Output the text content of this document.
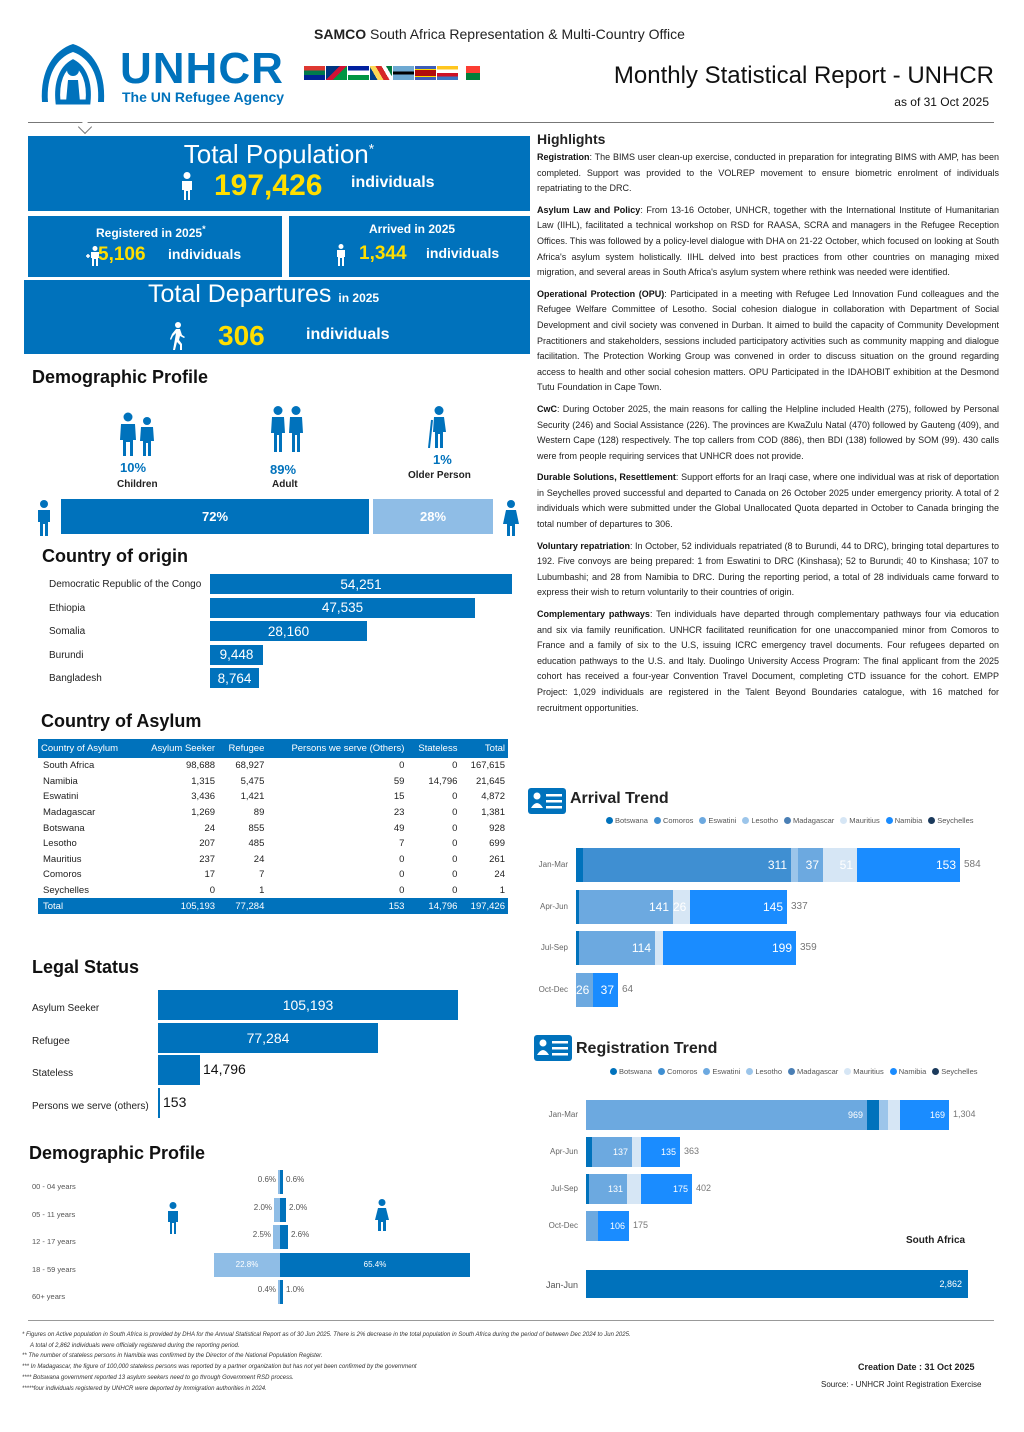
SAMCO South Africa Representation & Multi-Country Office
UNHCR
The UN Refugee Agency
Monthly Statistical Report - UNHCR
as of 31 Oct 2025
Total Population*
197,426 individuals
Registered in 2025*
5,106 individuals
Arrived in 2025
1,344 individuals
Total Departures in 2025
306	individuals
Demographic Profile
10%
Children
89%
Adult
1%
Older Person
72%	28%
Country of origin
Democratic Republic of the Congo	54,251
Ethiopia	47,535
Somalia	28,160
Burundi	9,448
Bangladesh	8,764
Country of Asylum
Country of Asylum	Asylum Seeker	Refugee	Persons we serve (Others)	Stateless	Total
South Africa	98,688	68,927	0	0	167,615
Namibia	1,315	5,475	59	14,796	21,645
Eswatini	3,436	1,421	15	0	4,872
Madagascar	1,269	89	23	0	1,381
Botswana	24	855	49	0	928
Lesotho	207	485	7	0	699
Mauritius	237	24	0	0	261
Comoros	17	7	0	0	24
Seychelles	0	1	0	0	1
Total	105,193	77,284	153	14,796	197,426
Legal Status
Asylum Seeker	105,193
Refugee	77,284
Stateless	14,796
Persons we serve (others) 153
Demographic Profile
00 - 04 years
0.6% 0.6%
05 - 11 years
2.0% 2.0%
12 - 17 years
2.5%	2.6%
18 - 59 years
22.8%	65.4%
60+ years
0.4% 1.0%
Highlights
Registration: The BIMS user clean-up exercise, conducted in preparation for integrating BIMS with AMP, has been completed. Support was provided to the VOLREP movement to ensure biometric enrolment of individuals repatriating to the DRC.
Asylum Law and Policy: From 13-16 October, UNHCR, together with the International Institute of Humanitarian Law (IIHL), facilitated a technical workshop on RSD for RAASA, SCRA and managers in the Refugee Reception Offices. This was followed by a policy-level dialogue with DHA on 21-22 October, which focused on looking at South Africa's asylum system holistically. IIHL delved into best practices from other countries on managing mixed migration, and several areas in South Africa's asylum system where rethink was needed were identified.
Operational Protection (OPU): Participated in a meeting with Refugee Led Innovation Fund colleagues and the Refugee Welfare Committee of Lesotho. Social cohesion dialogue in collaboration with Department of Social Development and civil society was convened in Durban. It aimed to build the capacity of Community Development Practitioners and stakeholders, sessions included participatory activities such as community mapping and dialogue facilitation. The Protection Working Group was convened in order to discuss situation on the ground regarding access to health and other social cohesion matters. OPU Participated in the IDAHOBIT exhibition at the Desmond Tutu Foundation in Cape Town.
CwC: During October 2025, the main reasons for calling the Helpline included Health (275), followed by Personal Security (246) and Social Assistance (226). The provinces are KwaZulu Natal (470) followed by Gauteng (409), and Western Cape (128) respectively. The top callers from COD (886), then BDI (138) followed by SOM (99). 430 calls were from people requiring services that UNHCR does not provide.
Durable Solutions, Resettlement: Support efforts for an Iraqi case, where one individual was at risk of deportation in Seychelles proved successful and departed to Canada on 26 October 2025 under emergency priority. A total of 2 individuals which were submitted under the Global Unallocated Quota departed in October to Canada bringing the total number of departures to 306.
Voluntary repatriation: In October, 52 individuals repatriated (8 to Burundi, 44 to DRC), bringing total departures to 192. Five convoys are being prepared: 1 from Eswatini to DRC (Kinshasa); 52 to Burundi; 40 to Kinshasa; 107 to Lubumbashi; and 28 from Namibia to DRC. During the reporting period, a total of 28 individuals came forward to express their wish to return voluntarily to their countries of origin.
Complementary pathways: Ten individuals have departed through complementary pathways four via education and six via family reunification. UNHCR facilitated reunification for one unaccompanied minor from Comoros to France and a family of six to the U.S, issuing ICRC emergency travel documents. Four refugees departed on education pathways to the U.S. and Italy. Duolingo University Access Program: The final applicant from the 2025 cohort has received a four-year Convention Travel Document, completing CTD issuance for the cohort. EMPP Project: 1,029 individuals are registered in the Talent Beyond Boundaries catalogue, with 16 matched for recruitment opportunities.
Arrival Trend
Botswana	Comoros	Eswatini	Lesotho	Madagascar	Mauritius	Namibia	Seychelles
Jan-Mar	311	37	51	153 584
Apr-Jun	141 26	145 337
Jul-Sep	114	199 359
Oct-Dec 26 37 64
Registration Trend
Botswana	Comoros	Eswatini	Lesotho	Madagascar	Mauritius	Namibia	Seychelles
Jan-Mar	969	169 1,304
Apr-Jun	137	135 363
Jul-Sep	131	175 402
Oct-Dec	106 175
South Africa
Jan-Jun	2,862
* Figures on Active population in South Africa is provided by DHA for the Annual Statistical Report as of 30 Jun 2025. There is 2% decrease in the total population in South Africa during the period of between Dec 2024 to Jun 2025.
A total of 2,862 individuals were officially registered during the reporting period.
** The number of stateless persons in Namibia was confirmed by the Director of the National Population Register.
*** In Madagascar, the figure of 100,000 stateless persons was reported by a partner organization but has not yet been confirmed by the government
**** Botswana government reported 13 asylum seekers need to go through Government RSD process.
*****four individuals registered by UNHCR were deported by Immigration authorities in 2024.
Creation Date : 31 Oct 2025
Source: - UNHCR Joint Registration Exercise
